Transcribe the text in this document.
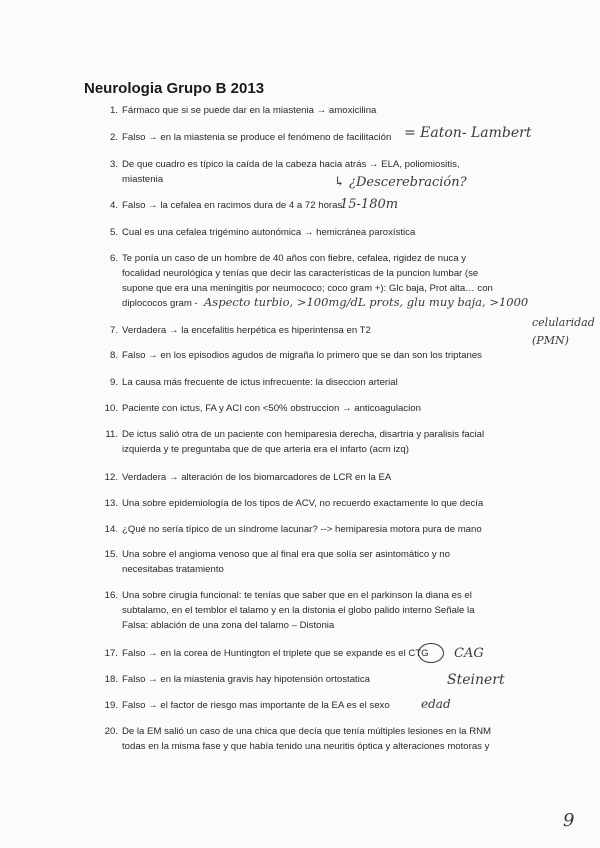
Neurologia Grupo B 2013
1. Fármaco que si se puede dar en la miastenia → amoxicilina
2. Falso → en la miastenia se produce el fenómeno de facilitación
3. De que cuadro es típico la caída de la cabeza hacia atrás → ELA, poliomiositis,
miastenia
4. Falso → la cefalea en racimos dura de 4 a 72 horas
5. Cual es una cefalea trigémino autonómica → hemicránea paroxística
6. Te ponía un caso de un hombre de 40 años con fiebre, cefalea, rigidez de nuca y
focalidad neurológica y tenías que decir las características de la puncion lumbar (se
supone que era una meningitis por neumococo; coco gram +): Glc baja, Prot alta… con
diplococos gram -
7. Verdadera → la encefalitis herpética es hiperintensa en T2
8. Falso → en los episodios agudos de migraña lo primero que se dan son los triptanes
9. La causa más frecuente de ictus infrecuente: la diseccion arterial
10. Paciente con ictus, FA y ACI con <50% obstruccion → anticoagulacion
11. De ictus salió otra de un paciente con hemiparesia derecha, disartria y paralisis facial
izquierda y te preguntaba que de que arteria era el infarto (acm izq)
12. Verdadera → alteración de los biomarcadores de LCR en la EA
13. Una sobre epidemiología de los tipos de ACV, no recuerdo exactamente lo que decía
14. ¿Qué no sería típico de un síndrome lacunar? --> hemiparesia motora pura de mano
15. Una sobre el angioma venoso que al final era que solía ser asintomático y no
necesitabas tratamiento
16. Una sobre cirugía funcional: te tenías que saber que en el parkinson la diana es el
subtalamo, en el temblor el talamo y en la distonia el globo palido interno Señale la
Falsa: ablación de una zona del talamo – Distonia
17. Falso → en la corea de Huntington el triplete que se expande es el CTG
18. Falso → en la miastenia gravis hay hipotensión ortostatica
19. Falso → el factor de riesgo mas importante de la EA es el sexo
20. De la EM salió un caso de una chica que decía que tenía múltiples lesiones en la RNM
todas en la misma fase y que había tenido una neuritis óptica y alteraciones motoras y
= Eaton- Lambert
↳ ¿Descerebración?
15-180m
Aspecto turbio, >100mg/dL prots, glu muy baja, >1000
celularidad
(PMN)
CAG
Steinert
edad
9
